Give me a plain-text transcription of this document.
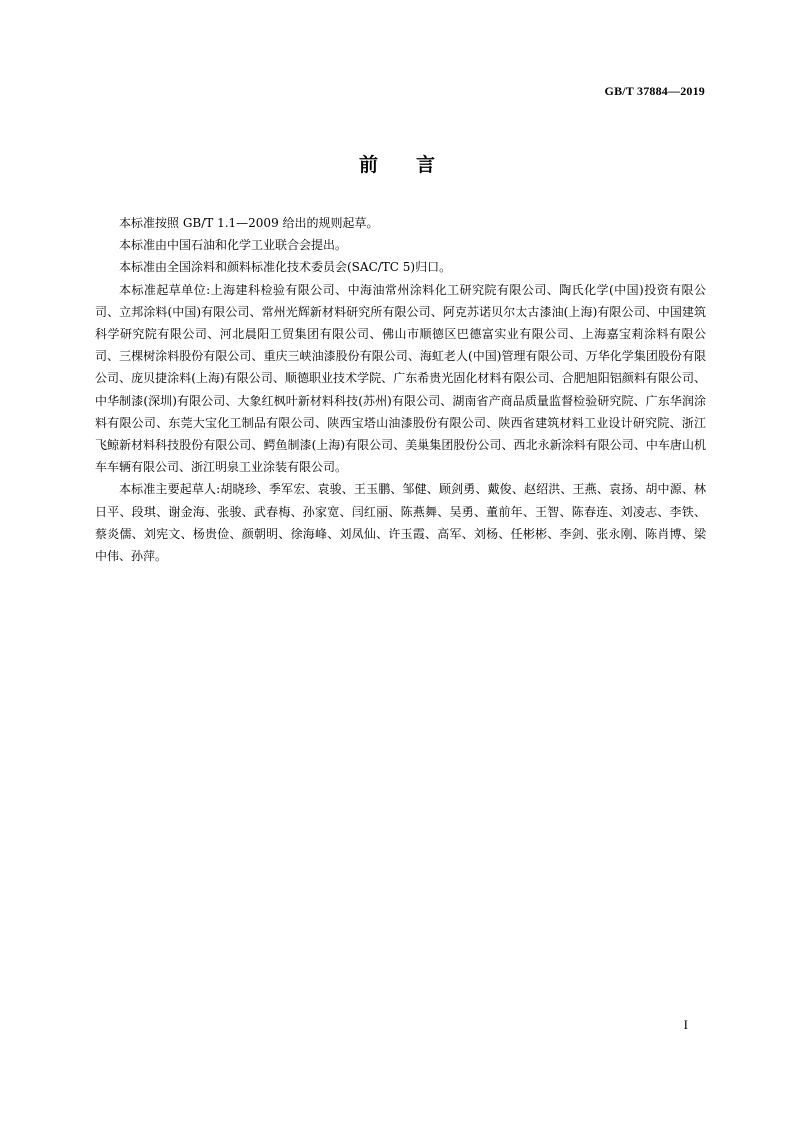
GB/T 37884—2019
前 言

本标准按照 GB/T 1.1—2009 给出的规则起草。

本标准由中国石油和化学工业联合会提出。

本标准由全国涂料和颜料标准化技术委员会(SAC/TC 5)归口。

本标准起草单位:上海建科检验有限公司、中海油常州涂料化工研究院有限公司、陶氏化学(中国)投资有限公司、立邦涂料(中国)有限公司、常州光辉新材料研究所有限公司、阿克苏诺贝尔太古漆油(上海)有限公司、中国建筑科学研究院有限公司、河北晨阳工贸集团有限公司、佛山市顺德区巴德富实业有限公司、上海嘉宝莉涂料有限公司、三棵树涂料股份有限公司、重庆三峡油漆股份有限公司、海虹老人(中国)管理有限公司、万华化学集团股份有限公司、庞贝捷涂料(上海)有限公司、顺德职业技术学院、广东希贵光固化材料有限公司、合肥旭阳铝颜料有限公司、中华制漆(深圳)有限公司、大象红枫叶新材料科技(苏州)有限公司、湖南省产商品质量监督检验研究院、广东华润涂料有限公司、东莞大宝化工制品有限公司、陕西宝塔山油漆股份有限公司、陕西省建筑材料工业设计研究院、浙江飞鲸新材料科技股份有限公司、鳄鱼制漆(上海)有限公司、美巢集团股份公司、西北永新涂料有限公司、中车唐山机车车辆有限公司、浙江明泉工业涂装有限公司。

本标准主要起草人:胡晓珍、季军宏、袁骏、王玉鹏、邹健、顾剑勇、戴俊、赵绍洪、王燕、袁扬、胡中源、林日平、段琪、谢金海、张骏、武春梅、孙家宽、闫红丽、陈燕舞、吴勇、董前年、王智、陈春连、刘凌志、李铁、蔡炎儒、刘宪文、杨贵俭、颜朝明、徐海峰、刘凤仙、许玉霞、高军、刘杨、任彬彬、李剑、张永刚、陈肖博、梁中伟、孙萍。

I
